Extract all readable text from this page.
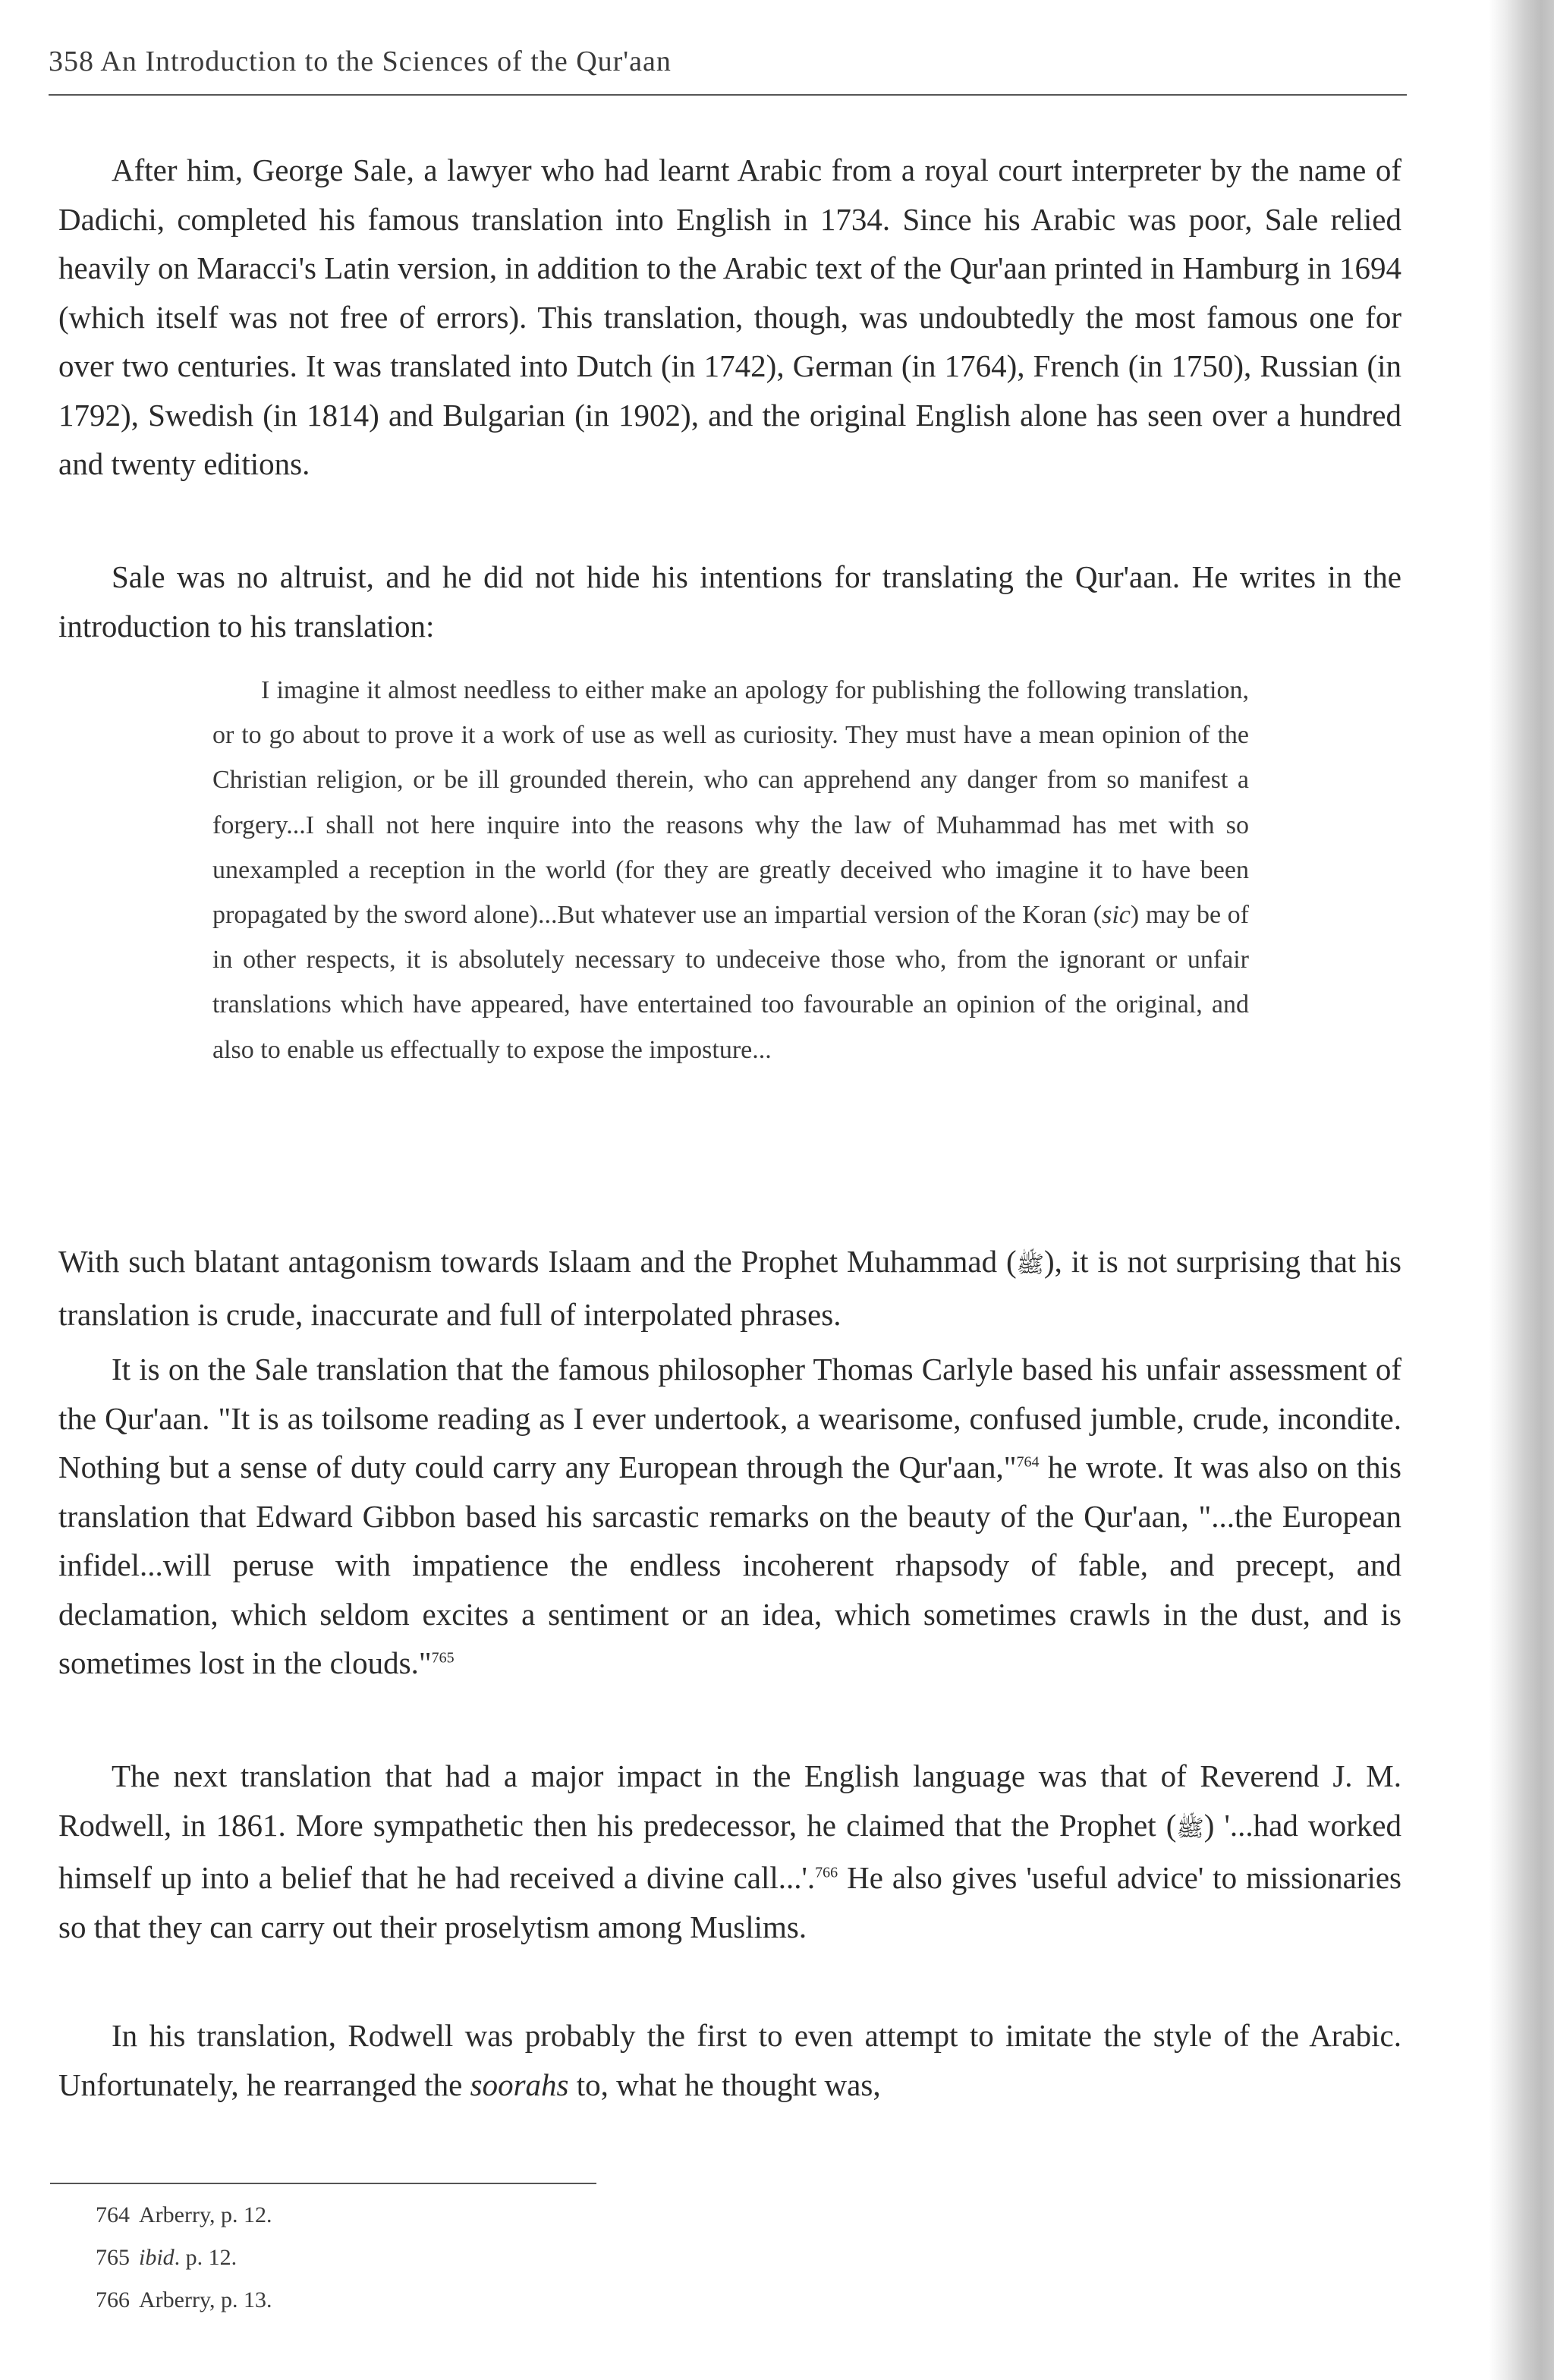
358 An Introduction to the Sciences of the Qur'aan

After him, George Sale, a lawyer who had learnt Arabic from a royal court interpreter by the name of Dadichi, completed his famous translation into English in 1734. Since his Arabic was poor, Sale relied heavily on Maracci's Latin version, in addition to the Arabic text of the Qur'aan printed in Hamburg in 1694 (which itself was not free of errors). This translation, though, was undoubtedly the most famous one for over two centuries. It was translated into Dutch (in 1742), German (in 1764), French (in 1750), Russian (in 1792), Swedish (in 1814) and Bulgarian (in 1902), and the original English alone has seen over a hundred and twenty editions.

Sale was no altruist, and he did not hide his intentions for translating the Qur'aan. He writes in the introduction to his translation:

I imagine it almost needless to either make an apology for publishing the following translation, or to go about to prove it a work of use as well as curiosity. They must have a mean opinion of the Christian religion, or be ill grounded therein, who can apprehend any danger from so manifest a forgery...I shall not here inquire into the reasons why the law of Muhammad has met with so unexampled a reception in the world (for they are greatly deceived who imagine it to have been propagated by the sword alone)...But whatever use an impartial version of the Koran (sic) may be of in other respects, it is absolutely necessary to undeceive those who, from the ignorant or unfair translations which have appeared, have entertained too favourable an opinion of the original, and also to enable us effectually to expose the imposture...

With such blatant antagonism towards Islaam and the Prophet Muhammad (ﷺ), it is not surprising that his translation is crude, inaccurate and full of interpolated phrases.

It is on the Sale translation that the famous philosopher Thomas Carlyle based his unfair assessment of the Qur'aan. "It is as toilsome reading as I ever undertook, a wearisome, confused jumble, crude, incondite. Nothing but a sense of duty could carry any European through the Qur'aan,"$^{764}$ he wrote. It was also on this translation that Edward Gibbon based his sarcastic remarks on the beauty of the Qur'aan, "...the European infidel...will peruse with impatience the endless incoherent rhapsody of fable, and precept, and declamation, which seldom excites a sentiment or an idea, which sometimes crawls in the dust, and is sometimes lost in the clouds."$^{765}$

The next translation that had a major impact in the English language was that of Reverend J. M. Rodwell, in 1861. More sympathetic then his predecessor, he claimed that the Prophet (ﷺ) '...had worked himself up into a belief that he had received a divine call...'.$^{766}$ He also gives 'useful advice' to missionaries so that they can carry out their proselytism among Muslims.

In his translation, Rodwell was probably the first to even attempt to imitate the style of the Arabic. Unfortunately, he rearranged the soorahs to, what he thought was,

764 Arberry, p. 12.
765 ibid. p. 12.
766 Arberry, p. 13.
